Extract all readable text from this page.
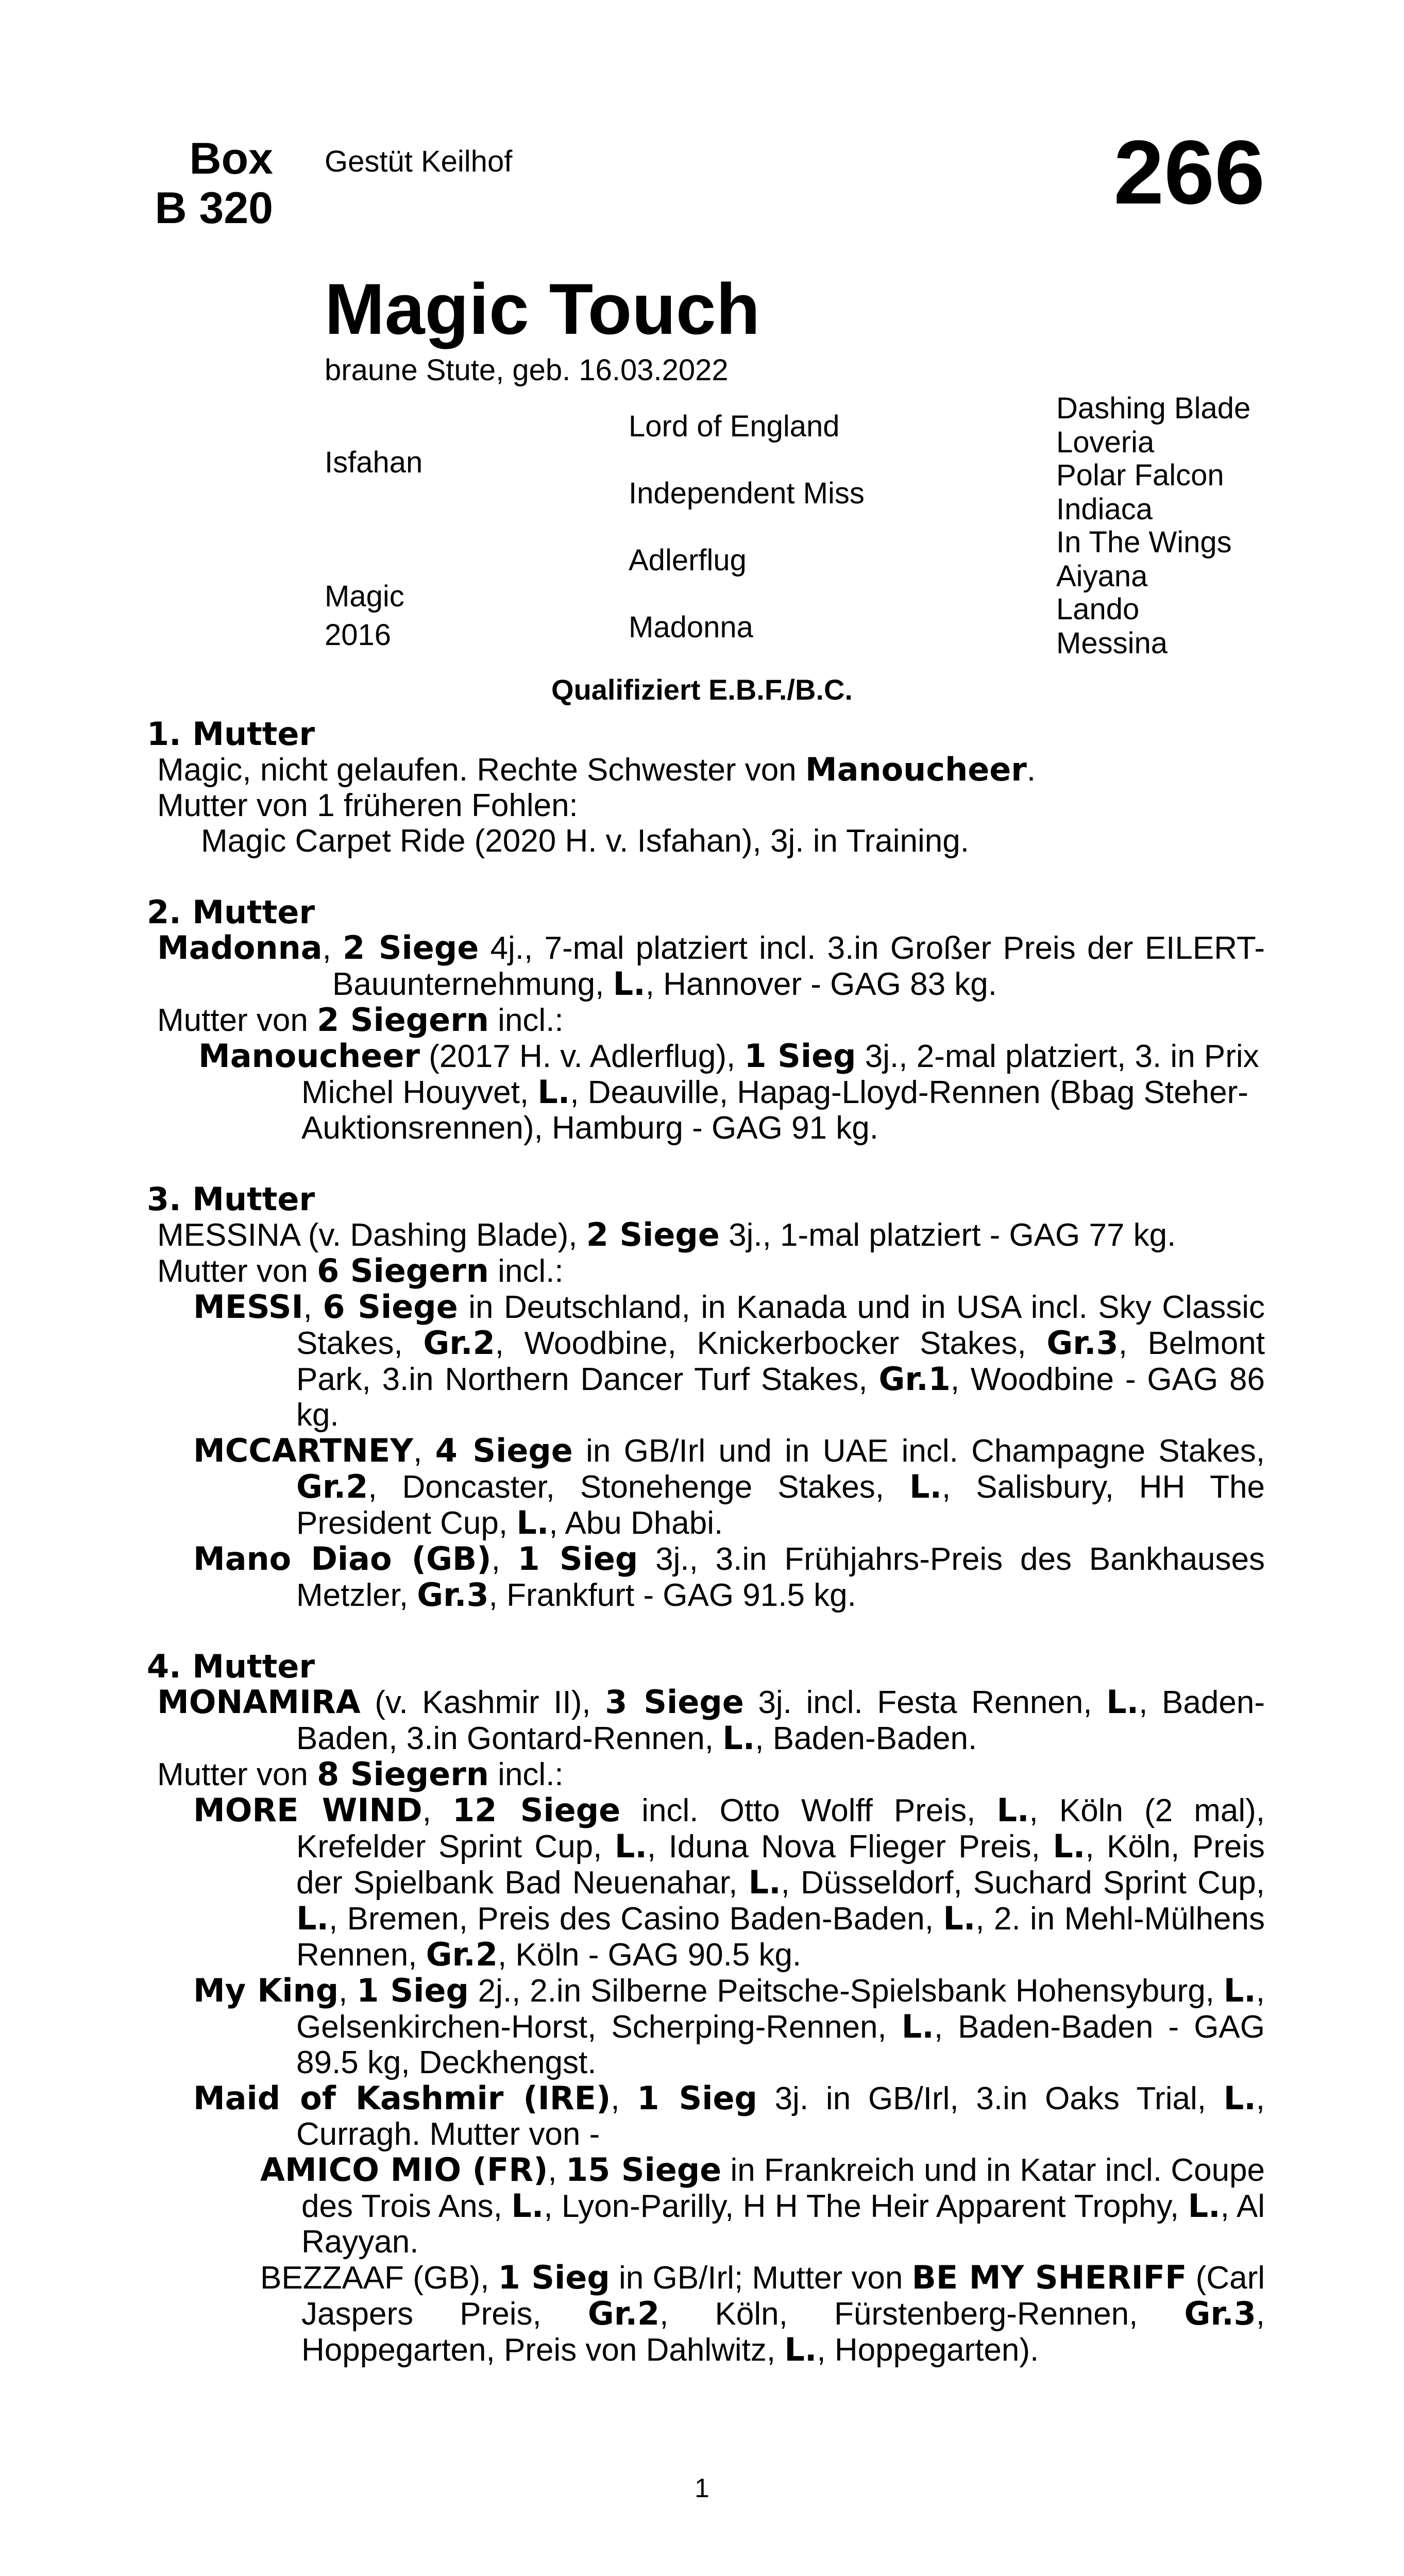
Box
B 320
Gestüt Keilhof	266
Magic Touch
braune Stute, geb. 16.03.2022
Isfahan
Magic
2016
Lord of England
Independent Miss
Adlerflug
Madonna
Dashing Blade
Loveria
Polar Falcon
Indiaca
In The Wings
Aiyana
Lando
Messina
Qualifiziert E.B.F./B.C.

1. Mutter

Magic, nicht gelaufen. Rechte Schwester von Manoucheer.

Mutter von 1 früheren Fohlen:

Magic Carpet Ride (2020 H. v. Isfahan), 3j. in Training.

2. Mutter

Madonna, 2 Siege 4j., 7-mal platziert incl. 3.in Großer Preis der EILERT-Bauunternehmung, L., Hannover - GAG 83 kg.

Mutter von 2 Siegern incl.:

Manoucheer (2017 H. v. Adlerflug), 1 Sieg 3j., 2-mal platziert, 3. in Prix Michel Houyvet, L., Deauville, Hapag-Lloyd-Rennen (Bbag Steher-Auktionsrennen), Hamburg - GAG 91 kg.

3. Mutter

MESSINA (v. Dashing Blade), 2 Siege 3j., 1-mal platziert - GAG 77 kg.

Mutter von 6 Siegern incl.:

MESSI, 6 Siege in Deutschland, in Kanada und in USA incl. Sky Classic Stakes, Gr.2, Woodbine, Knickerbocker Stakes, Gr.3, Belmont Park, 3.in Northern Dancer Turf Stakes, Gr.1, Woodbine - GAG 86 kg.

MCCARTNEY, 4 Siege in GB/Irl und in UAE incl. Champagne Stakes, Gr.2, Doncaster, Stonehenge Stakes, L., Salisbury, HH The President Cup, L., Abu Dhabi.

Mano Diao (GB), 1 Sieg 3j., 3.in Frühjahrs-Preis des Bankhauses Metzler, Gr.3, Frankfurt - GAG 91.5 kg.

4. Mutter

MONAMIRA (v. Kashmir II), 3 Siege 3j. incl. Festa Rennen, L., Baden-Baden, 3.in Gontard-Rennen, L., Baden-Baden.

Mutter von 8 Siegern incl.:

MORE WIND, 12 Siege incl. Otto Wolff Preis, L., Köln (2 mal), Krefelder Sprint Cup, L., Iduna Nova Flieger Preis, L., Köln, Preis der Spielbank Bad Neuenahar, L., Düsseldorf, Suchard Sprint Cup, L., Bremen, Preis des Casino Baden-Baden, L., 2. in Mehl-Mülhens Rennen, Gr.2, Köln - GAG 90.5 kg.

My King, 1 Sieg 2j., 2.in Silberne Peitsche-Spielsbank Hohensyburg, L., Gelsenkirchen-Horst, Scherping-Rennen, L., Baden-Baden - GAG 89.5 kg, Deckhengst.

Maid of Kashmir (IRE), 1 Sieg 3j. in GB/Irl, 3.in Oaks Trial, L., Curragh. Mutter von -

AMICO MIO (FR), 15 Siege in Frankreich und in Katar incl. Coupe des Trois Ans, L., Lyon-Parilly, H H The Heir Apparent Trophy, L., Al Rayyan.

BEZZAAF (GB), 1 Sieg in GB/Irl; Mutter von BE MY SHERIFF (Carl Jaspers Preis, Gr.2, Köln, Fürstenberg-Rennen, Gr.3, Hoppegarten, Preis von Dahlwitz, L., Hoppegarten).

1
